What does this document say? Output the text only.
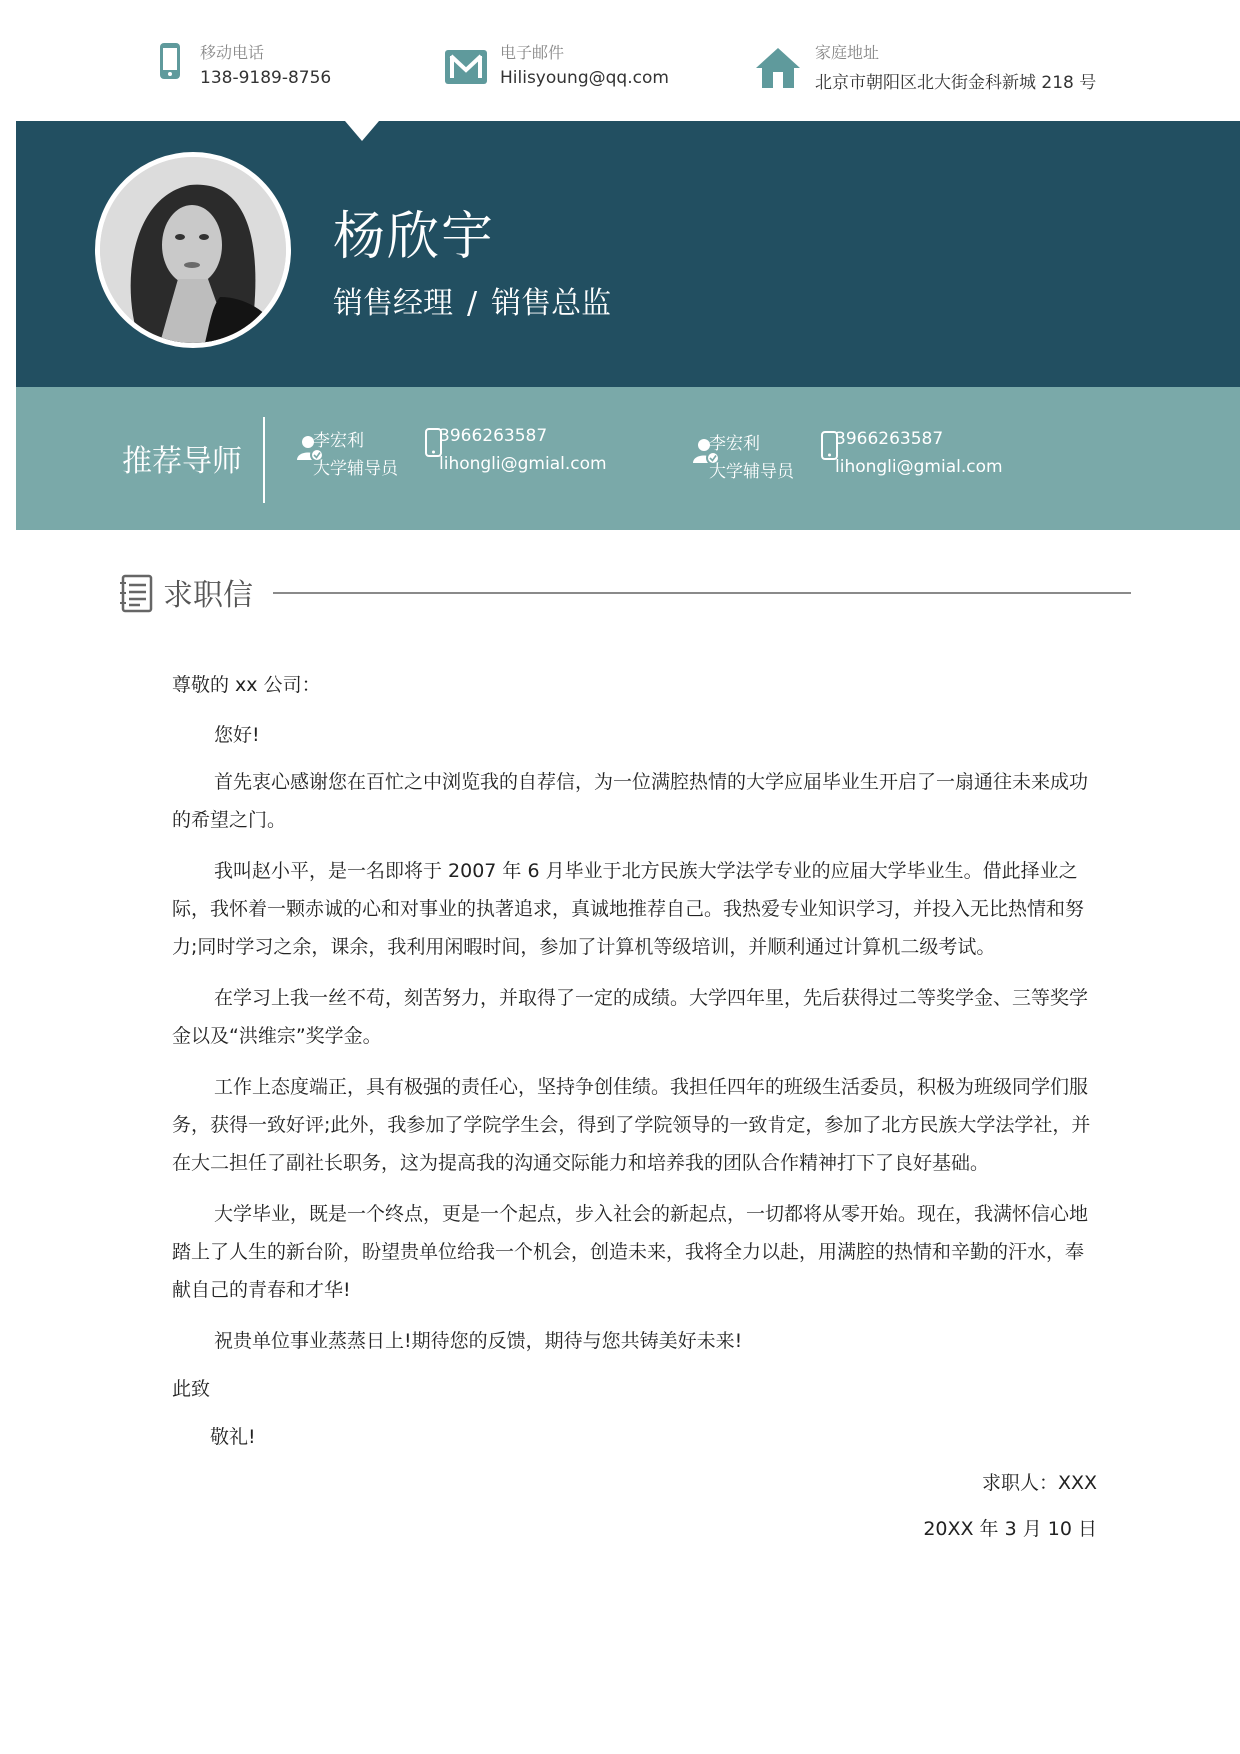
移动电话
138-9189-8756
电子邮件
Hilisyoung@qq.com
家庭地址
北京市朝阳区北大街金科新城 218 号
杨欣宇
销售经理 / 销售总监
推荐导师
李宏利
大学辅导员
3966263587
lihongli@gmial.com
李宏利
大学辅导员
3966263587
lihongli@gmial.com
求职信

尊敬的 xx 公司：

您好!

首先衷心感谢您在百忙之中浏览我的自荐信，为一位满腔热情的大学应届毕业生开启了一扇通往未来成功的希望之门。

我叫赵小平，是一名即将于 2007 年 6 月毕业于北方民族大学法学专业的应届大学毕业生。借此择业之际，我怀着一颗赤诚的心和对事业的执著追求，真诚地推荐自己。我热爱专业知识学习，并投入无比热情和努力;同时学习之余，课余，我利用闲暇时间，参加了计算机等级培训，并顺利通过计算机二级考试。

在学习上我一丝不苟，刻苦努力，并取得了一定的成绩。大学四年里，先后获得过二等奖学金、三等奖学金以及“洪维宗”奖学金。

工作上态度端正，具有极强的责任心，坚持争创佳绩。我担任四年的班级生活委员，积极为班级同学们服务，获得一致好评;此外，我参加了学院学生会，得到了学院领导的一致肯定，参加了北方民族大学法学社，并在大二担任了副社长职务，这为提高我的沟通交际能力和培养我的团队合作精神打下了良好基础。

大学毕业，既是一个终点，更是一个起点，步入社会的新起点，一切都将从零开始。现在，我满怀信心地踏上了人生的新台阶，盼望贵单位给我一个机会，创造未来，我将全力以赴，用满腔的热情和辛勤的汗水，奉献自己的青春和才华!

祝贵单位事业蒸蒸日上!期待您的反馈，期待与您共铸美好未来!

此致

敬礼!

求职人：XXX

20XX 年 3 月 10 日
